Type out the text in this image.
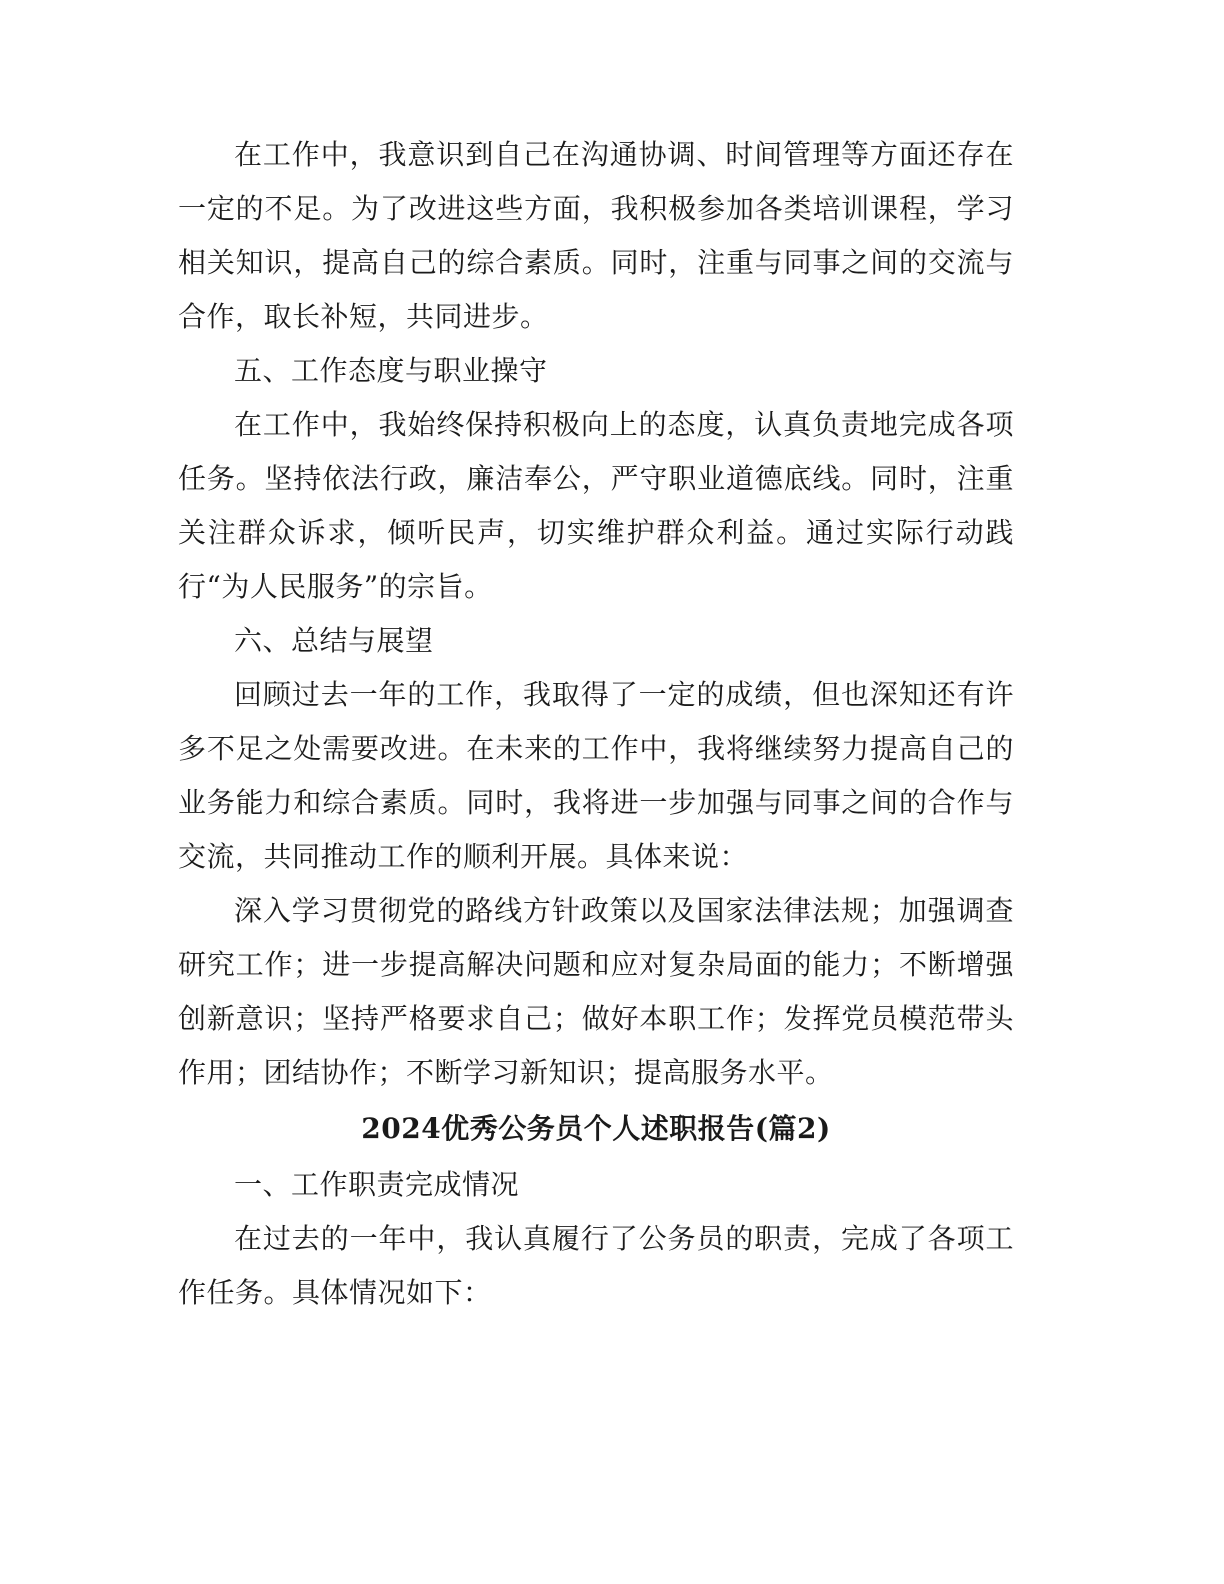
在工作中，我意识到自己在沟通协调、时间管理等方面还存在一定的不足。为了改进这些方面，我积极参加各类培训课程，学习相关知识，提高自己的综合素质。同时，注重与同事之间的交流与合作，取长补短，共同进步。

五、工作态度与职业操守

在工作中，我始终保持积极向上的态度，认真负责地完成各项任务。坚持依法行政，廉洁奉公，严守职业道德底线。同时，注重关注群众诉求，倾听民声，切实维护群众利益。通过实际行动践行“为人民服务”的宗旨。

六、总结与展望

回顾过去一年的工作，我取得了一定的成绩，但也深知还有许多不足之处需要改进。在未来的工作中，我将继续努力提高自己的业务能力和综合素质。同时，我将进一步加强与同事之间的合作与交流，共同推动工作的顺利开展。具体来说：

深入学习贯彻党的路线方针政策以及国家法律法规；加强调查研究工作；进一步提高解决问题和应对复杂局面的能力；不断增强创新意识；坚持严格要求自己；做好本职工作；发挥党员模范带头作用；团结协作；不断学习新知识；提高服务水平。

2024优秀公务员个人述职报告(篇2)

一、工作职责完成情况

在过去的一年中，我认真履行了公务员的职责，完成了各项工作任务。具体情况如下：
